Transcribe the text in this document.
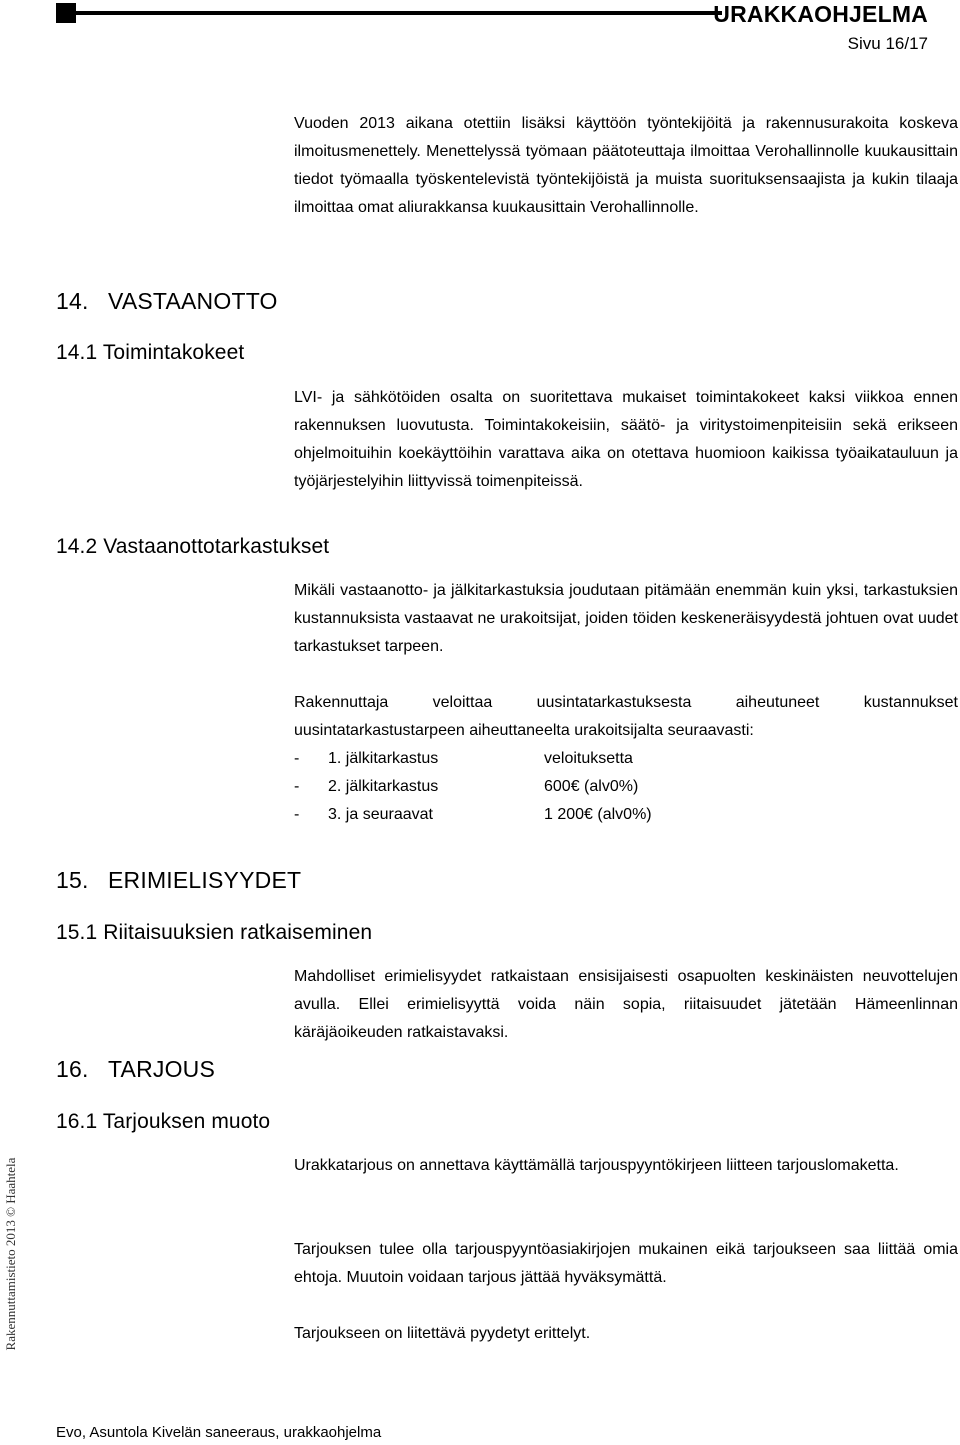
URAKKAOHJELMA
Sivu 16/17
Vuoden 2013 aikana otettiin lisäksi käyttöön työntekijöitä ja rakennusurakoita koskeva ilmoitusmenettely. Menettelyssä työmaan päätoteuttaja ilmoittaa Verohallinnolle kuukausittain tiedot työmaalla työskentelevistä työntekijöistä ja muista suorituksensaajista ja kukin tilaaja ilmoittaa omat aliurakkansa kuukausittain Verohallinnolle.
14. VASTAANOTTO
14.1 Toimintakokeet
LVI- ja sähkötöiden osalta on suoritettava mukaiset toimintakokeet kaksi viikkoa ennen rakennuksen luovutusta. Toimintakokeisiin, säätö- ja viritystoimenpiteisiin sekä erikseen ohjelmoituihin koekäyttöihin varattava aika on otettava huomioon kaikissa työaikatauluun ja työjärjestelyihin liittyvissä toimenpiteissä.
14.2 Vastaanottotarkastukset
Mikäli vastaanotto- ja jälkitarkastuksia joudutaan pitämään enemmän kuin yksi, tarkastuksien kustannuksista vastaavat ne urakoitsijat, joiden töiden keskeneräisyydestä johtuen ovat uudet tarkastukset tarpeen.
Rakennuttaja veloittaa uusintatarkastuksesta aiheutuneet kustannukset uusintatarkastustarpeen aiheuttaneelta urakoitsijalta seuraavasti:
- 1. jälkitarkastus	veloituksetta
- 2. jälkitarkastus	600€ (alv0%)
- 3. ja seuraavat	1 200€ (alv0%)
15. ERIMIELISYYDET
15.1 Riitaisuuksien ratkaiseminen
Mahdolliset erimielisyydet ratkaistaan ensisijaisesti osapuolten keskinäisten neuvottelujen avulla. Ellei erimielisyyttä voida näin sopia, riitaisuudet jätetään Hämeenlinnan käräjäoikeuden ratkaistavaksi.
16. TARJOUS
16.1 Tarjouksen muoto
Urakkatarjous on annettava käyttämällä tarjouspyyntökirjeen liitteen tarjouslomaketta.
Tarjouksen tulee olla tarjouspyyntöasiakirjojen mukainen eikä tarjoukseen saa liittää omia ehtoja. Muutoin voidaan tarjous jättää hyväksymättä.
Tarjoukseen on liitettävä pyydetyt erittelyt.
Rakennuttamistieto 2013 © Haahtela
Evo, Asuntola Kivelän saneeraus, urakkaohjelma
